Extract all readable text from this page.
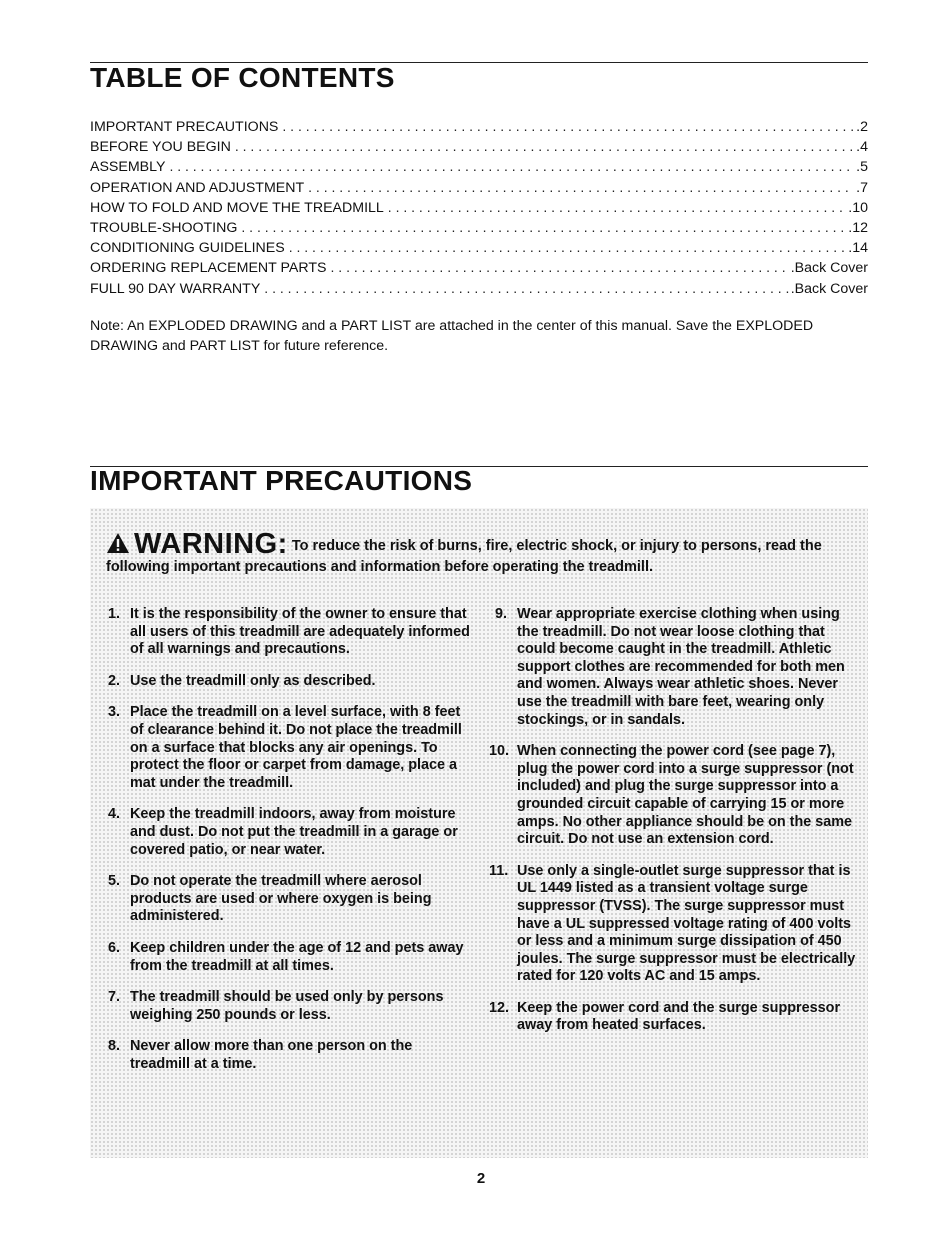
TABLE OF CONTENTS
IMPORTANT PRECAUTIONS . . .	.2
BEFORE YOU BEGIN . . .	.4
ASSEMBLY . . .	.5
OPERATION AND ADJUSTMENT . . .	.7
HOW TO FOLD AND MOVE THE TREADMILL . . .	.10
TROUBLE-SHOOTING . . .	.12
CONDITIONING GUIDELINES . . .	.14
ORDERING REPLACEMENT PARTS . . .	.Back Cover
FULL 90 DAY WARRANTY . . .	.Back Cover

Note: An EXPLODED DRAWING and a PART LIST are attached in the center of this manual. Save the EXPLODED DRAWING and PART LIST for future reference.

IMPORTANT PRECAUTIONS

WARNING: To reduce the risk of burns, fire, electric shock, or injury to persons, read the following important precautions and information before operating the treadmill.

1. It is the responsibility of the owner to ensure that all users of this treadmill are adequately informed of all warnings and precautions.
2. Use the treadmill only as described.
3. Place the treadmill on a level surface, with 8 feet of clearance behind it. Do not place the treadmill on a surface that blocks any air openings. To protect the floor or carpet from damage, place a mat under the treadmill.
4. Keep the treadmill indoors, away from moisture and dust. Do not put the treadmill in a garage or covered patio, or near water.
5. Do not operate the treadmill where aerosol products are used or where oxygen is being administered.
6. Keep children under the age of 12 and pets away from the treadmill at all times.
7. The treadmill should be used only by persons weighing 250 pounds or less.
8. Never allow more than one person on the treadmill at a time.
9. Wear appropriate exercise clothing when using the treadmill. Do not wear loose clothing that could become caught in the treadmill. Athletic support clothes are recommended for both men and women. Always wear athletic shoes. Never use the treadmill with bare feet, wearing only stockings, or in sandals.
10. When connecting the power cord (see page 7), plug the power cord into a surge suppressor (not included) and plug the surge suppressor into a grounded circuit capable of carrying 15 or more amps. No other appliance should be on the same circuit. Do not use an extension cord.
11. Use only a single-outlet surge suppressor that is UL 1449 listed as a transient voltage surge suppressor (TVSS). The surge suppressor must have a UL suppressed voltage rating of 400 volts or less and a minimum surge dissipation of 450 joules. The surge suppressor must be electrically rated for 120 volts AC and 15 amps.
12. Keep the power cord and the surge suppressor away from heated surfaces.
2
